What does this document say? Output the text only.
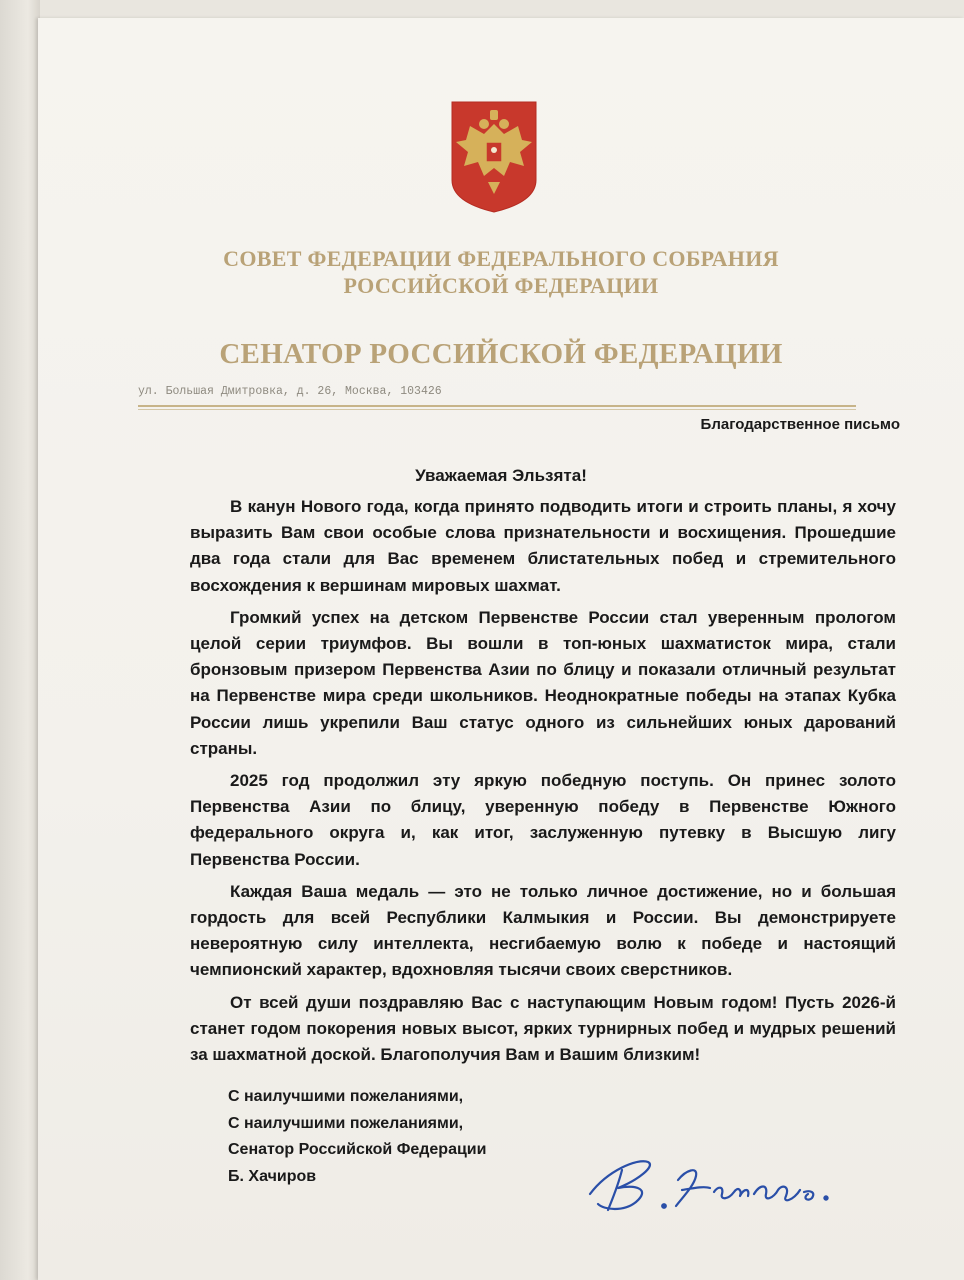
СОВЕТ ФЕДЕРАЦИИ ФЕДЕРАЛЬНОГО СОБРАНИЯ
РОССИЙСКОЙ ФЕДЕРАЦИИ
СЕНАТОР РОССИЙСКОЙ ФЕДЕРАЦИИ
ул. Большая Дмитровка, д. 26, Москва, 103426
Благодарственное письмо
Уважаемая Эльзята!

В канун Нового года, когда принято подводить итоги и строить планы, я хочу выразить Вам свои особые слова признательности и восхищения. Прошедшие два года стали для Вас временем блистательных побед и стремительного восхождения к вершинам мировых шахмат.

Громкий успех на детском Первенстве России стал уверенным прологом целой серии триумфов. Вы вошли в топ-юных шахматисток мира, стали бронзовым призером Первенства Азии по блицу и показали отличный результат на Первенстве мира среди школьников. Неоднократные победы на этапах Кубка России лишь укрепили Ваш статус одного из сильнейших юных дарований страны.

2025 год продолжил эту яркую победную поступь. Он принес золото Первенства Азии по блицу, уверенную победу в Первенстве Южного федерального округа и, как итог, заслуженную путевку в Высшую лигу Первенства России.

Каждая Ваша медаль — это не только личное достижение, но и большая гордость для всей Республики Калмыкия и России. Вы демонстрируете невероятную силу интеллекта, несгибаемую волю к победе и настоящий чемпионский характер, вдохновляя тысячи своих сверстников.

От всей души поздравляю Вас с наступающим Новым годом! Пусть 2026-й станет годом покорения новых высот, ярких турнирных побед и мудрых решений за шахматной доской. Благополучия Вам и Вашим близким!

С наилучшими пожеланиями,
С наилучшими пожеланиями,
Сенатор Российской Федерации
Б. Хачиров
